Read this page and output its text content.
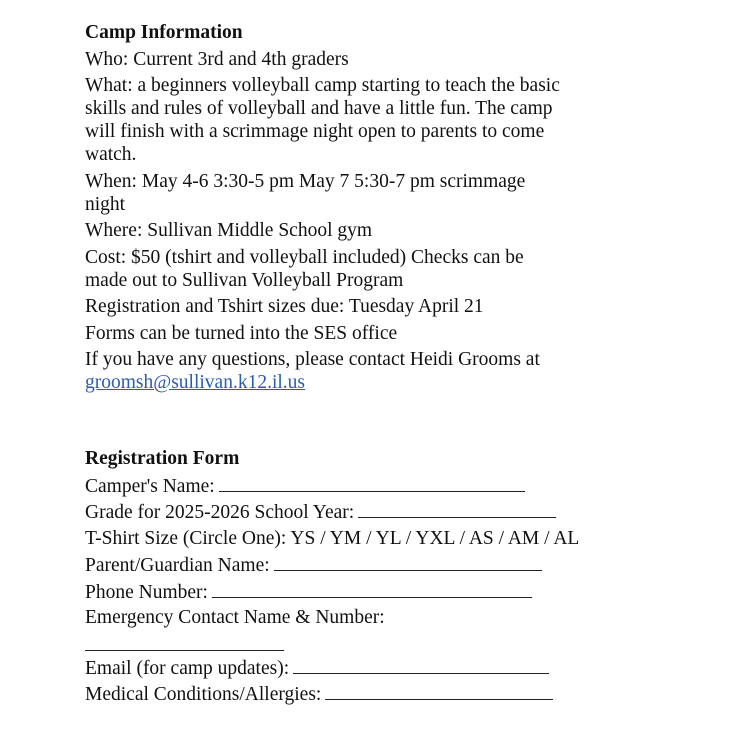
Camp Information
Who: Current 3rd and 4th graders
What: a beginners volleyball camp starting to teach the basic
skills and rules of volleyball and have a little fun. The camp
will finish with a scrimmage night open to parents to come
watch.
When: May 4-6 3:30-5 pm May 7 5:30-7 pm scrimmage
night
Where: Sullivan Middle School gym
Cost: $50 (tshirt and volleyball included) Checks can be
made out to Sullivan Volleyball Program
Registration and Tshirt sizes due: Tuesday April 21
Forms can be turned into the SES office
If you have any questions, please contact Heidi Grooms at
groomsh@sullivan.k12.il.us
Registration Form
Camper's Name:
Grade for 2025-2026 School Year:
T-Shirt Size (Circle One): YS / YM / YL / YXL / AS / AM / AL
Parent/Guardian Name:
Phone Number:
Emergency Contact Name & Number:
Email (for camp updates):
Medical Conditions/Allergies:
